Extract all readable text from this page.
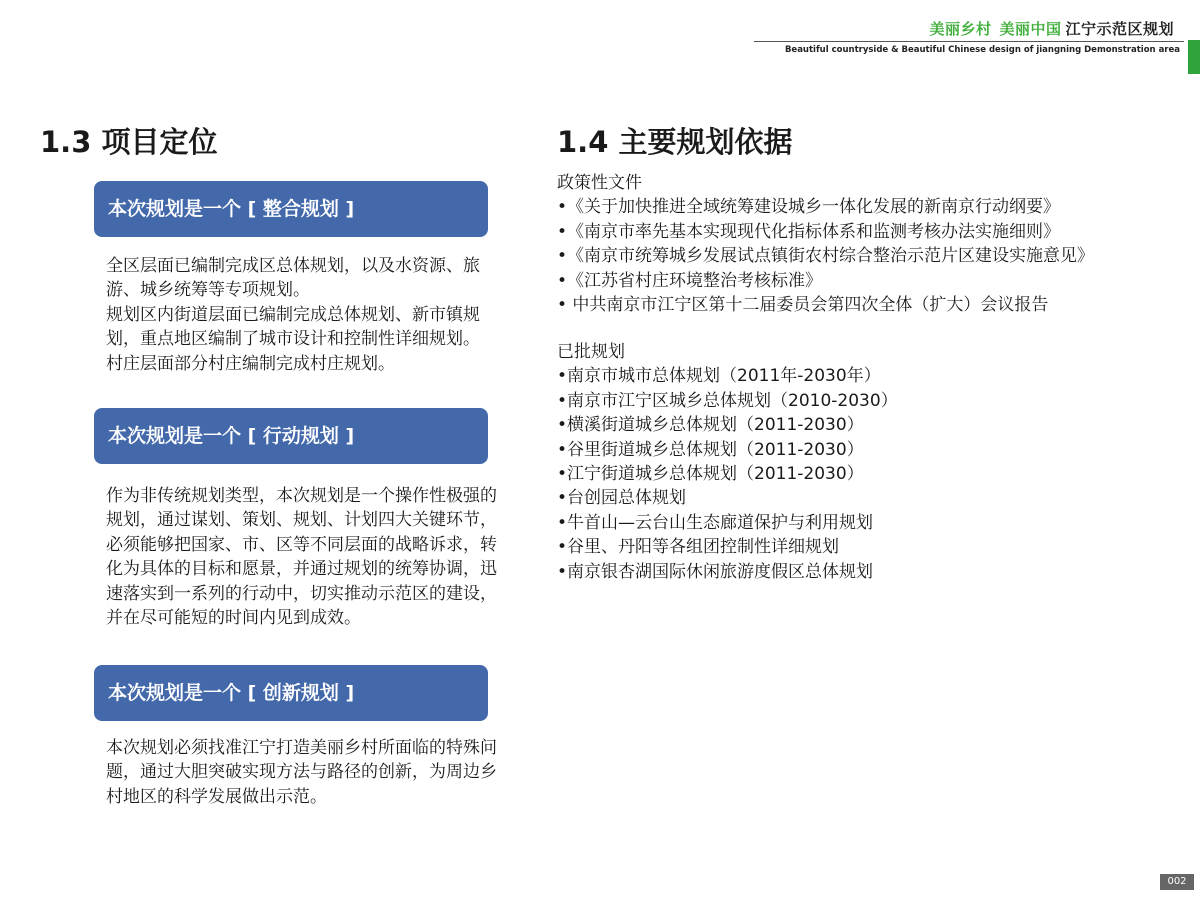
美丽乡村 美丽中国 江宁示范区规划
Beautiful countryside & Beautiful Chinese design of jiangning Demonstration area
1.3 项目定位
本次规划是一个 [ 整合规划 ]

全区层面已编制完成区总体规划，以及水资源、旅游、城乡统筹等专项规划。

规划区内街道层面已编制完成总体规划、新市镇规划，重点地区编制了城市设计和控制性详细规划。

村庄层面部分村庄编制完成村庄规划。

本次规划是一个 [ 行动规划 ]

作为非传统规划类型，本次规划是一个操作性极强的规划，通过谋划、策划、规划、计划四大关键环节，必须能够把国家、市、区等不同层面的战略诉求，转化为具体的目标和愿景，并通过规划的统筹协调，迅速落实到一系列的行动中，切实推动示范区的建设，并在尽可能短的时间内见到成效。

本次规划是一个 [ 创新规划 ]

本次规划必须找准江宁打造美丽乡村所面临的特殊问题，通过大胆突破实现方法与路径的创新，为周边乡村地区的科学发展做出示范。

1.4 主要规划依据
政策性文件
•《关于加快推进全域统筹建设城乡一体化发展的新南京行动纲要》
•《南京市率先基本实现现代化指标体系和监测考核办法实施细则》
•《南京市统筹城乡发展试点镇街农村综合整治示范片区建设实施意见》
•《江苏省村庄环境整治考核标准》
• 中共南京市江宁区第十二届委员会第四次全体（扩大）会议报告
已批规划
•南京市城市总体规划（2011年-2030年）
•南京市江宁区城乡总体规划（2010-2030）
•横溪街道城乡总体规划（2011-2030）
•谷里街道城乡总体规划（2011-2030）
•江宁街道城乡总体规划（2011-2030）
•台创园总体规划
•牛首山—云台山生态廊道保护与利用规划
•谷里、丹阳等各组团控制性详细规划
•南京银杏湖国际休闲旅游度假区总体规划
002
